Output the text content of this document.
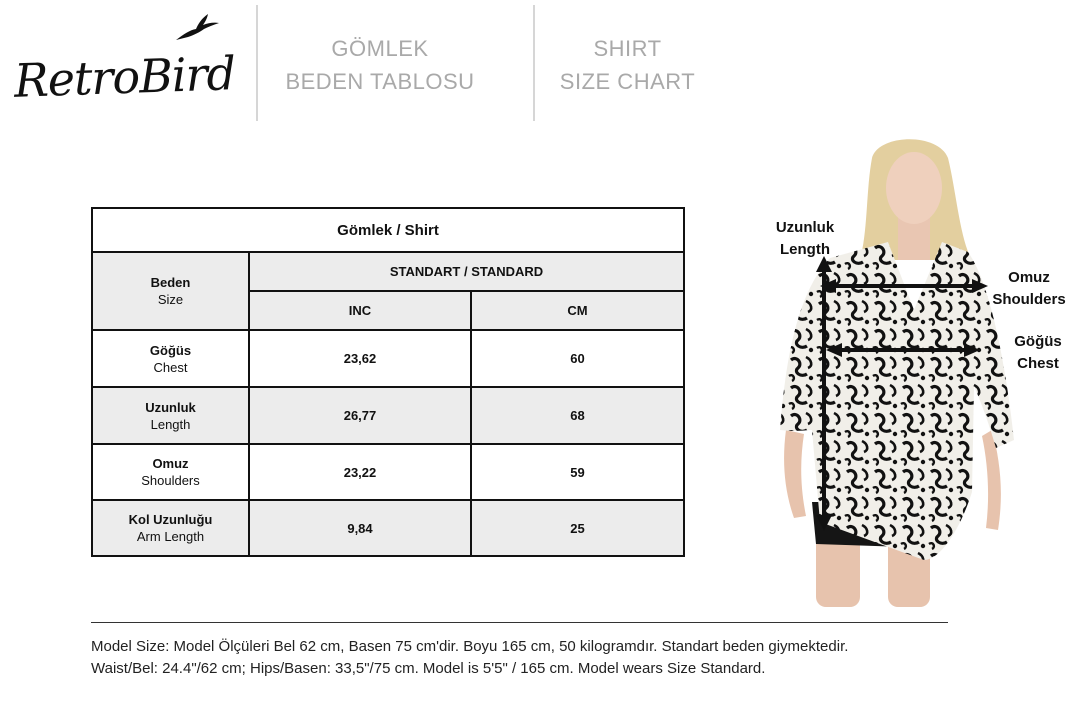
RetroBird	GÖMLEK
BEDEN TABLOSU
SHIRT
SIZE CHART
Gömlek / Shirt		

Beden
Size	STANDART / STANDARD	
	INC	CM

Göğüs
Chest	23,62	60

Uzunluk
Length	26,77	68

Omuz
Shoulders	23,22	59

Kol Uzunluğu
Arm Length	9,84	25
Uzunluk
Length
Omuz
Shoulders
Göğüs
Chest
Model Size: Model Ölçüleri Bel 62 cm, Basen 75 cm'dir. Boyu 165 cm, 50 kilogramdır. Standart beden giymektedir.
Waist/Bel: 24.4"/62 cm; Hips/Basen: 33,5"/75 cm. Model is 5'5" / 165 cm. Model wears Size Standard.
